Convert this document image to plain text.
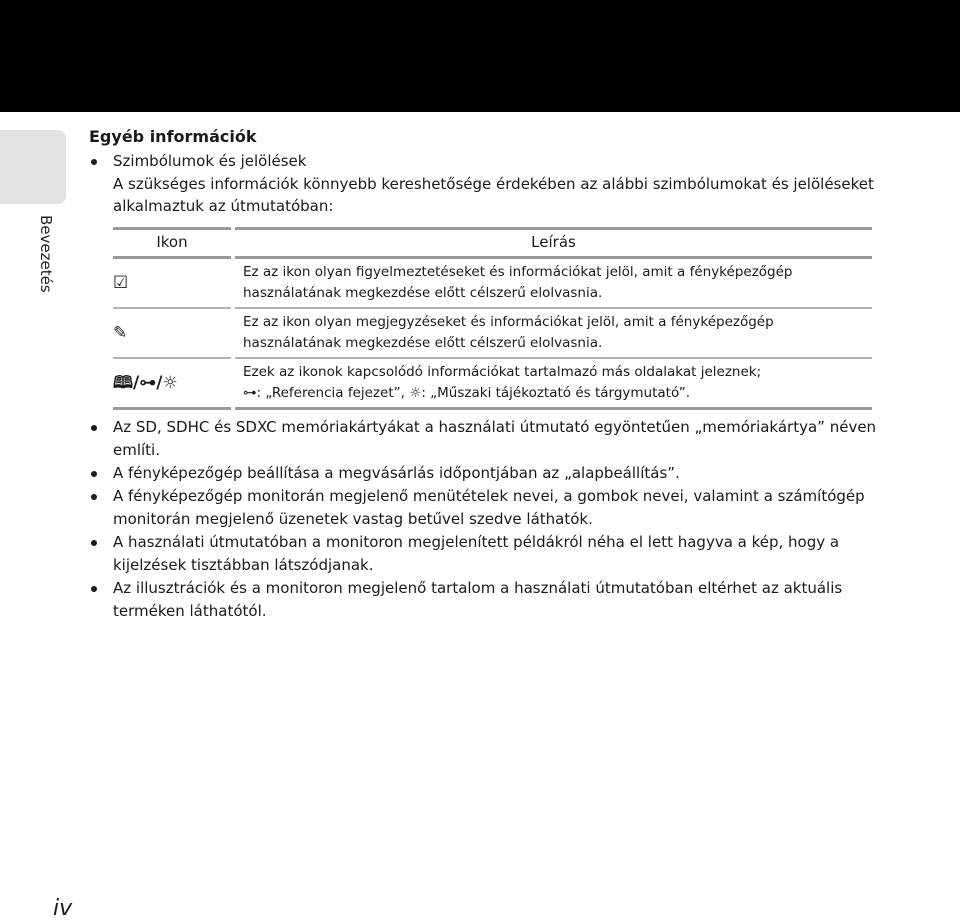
Bevezetés
Egyéb információk
Szimbólumok és jelölések
A szükséges információk könnyebb kereshetősége érdekében az alábbi szimbólumokat és jelöléseket alkalmaztuk az útmutatóban:
Ikon	Leírás
☑	Ez az ikon olyan figyelmeztetéseket és információkat jelöl, amit a fényképezőgép használatának megkezdése előtt célszerű elolvasnia.
✎	Ez az ikon olyan megjegyzéseket és információkat jelöl, amit a fényképezőgép használatának megkezdése előtt célszerű elolvasnia.
🕮/⊶/☼	Ezek az ikonok kapcsolódó információkat tartalmazó más oldalakat jeleznek;
⊶: „Referencia fejezet”, ☼: „Műszaki tájékoztató és tárgymutató”.
Az SD, SDHC és SDXC memóriakártyákat a használati útmutató egyöntetűen „memóriakártya” néven említi.
A fényképezőgép beállítása a megvásárlás időpontjában az „alapbeállítás”.
A fényképezőgép monitorán megjelenő menütételek nevei, a gombok nevei, valamint a számítógép monitorán megjelenő üzenetek vastag betűvel szedve láthatók.
A használati útmutatóban a monitoron megjelenített példákról néha el lett hagyva a kép, hogy a kijelzések tisztábban látszódjanak.
Az illusztrációk és a monitoron megjelenő tartalom a használati útmutatóban eltérhet az aktuális terméken láthatótól.
iv
